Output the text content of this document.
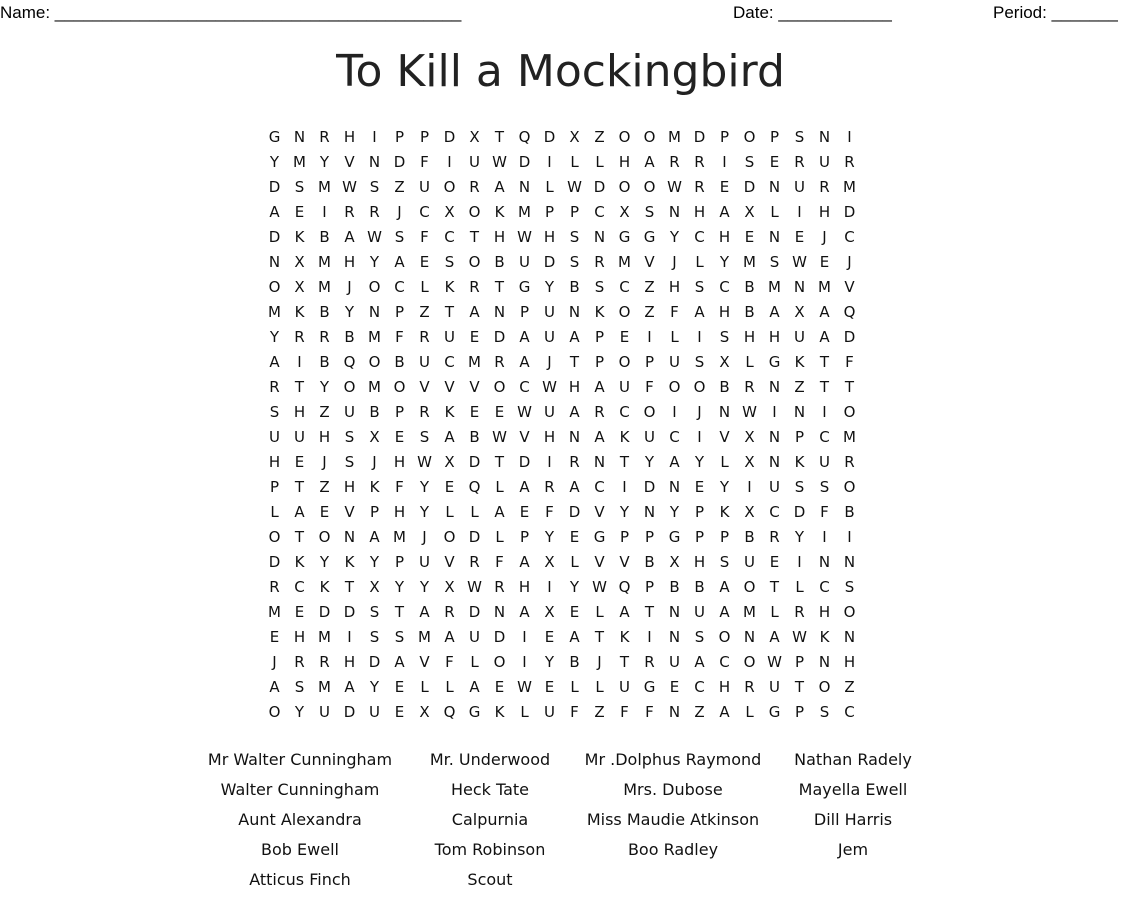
Name: ___________________________________________	Date: ____________	Period: _______
To Kill a Mockingbird
G N R H	I	P	P D X	T Q D X Z O O M D P O P	S N	I
Y M Y	V N D F	I	U W D	I	L	L	H A R R	I	S	E	R U R
D S M W S	Z U O R A N	L W D O O W R	E D N U R M
A	E	I	R R	J	C X O K M P	P	C X	S N H A X	L	I	H D
D K B A W S	F	C	T H W H S N G G Y	C H E N E	J	C
N X M H Y	A	E	S O B U D S	R M V	J	L	Y M S W E	J
O X M	J	O C	L	K R	T G Y	B	S C Z H S C B M N M V
M K B	Y N P	Z	T	A N P U N K O Z	F	A H B A X A Q
Y	R R B M F	R U E D A U A	P	E	I	L	I	S H H U A D
A	I	B Q O B U C M R A	J	T	P O P U S	X	L	G K	T	F
R	T	Y O M O V V V O C W H A U	F O O B R N Z	T	T
S H Z U B	P	R K	E	E W U A R C O	I	J	N W	I	N	I	O
U U H S	X	E	S	A B W V H N A K U C	I	V X N P	C M
H E	J	S	J	H W X D T D	I	R N T	Y	A	Y	L	X N K U R
P	T	Z H K	F	Y	E Q L	A R A C	I	D N E	Y	I	U S	S O
L	A	E	V	P H Y	L	L	A	E	F D V	Y N Y	P	K X C D F	B
O T O N A M	J	O D	L	P	Y	E G P	P G P	P	B R	Y	I	I
D K	Y	K	Y	P U V R	F	A X	L	V V B X H S U E	I	N N
R C K	T	X	Y	Y	X W R H	I	Y W Q P	B B A O T	L	C	S
M E D D S	T	A R D N A X	E	L	A	T N U A M L	R H O
E H M	I	S	S M A U D	I	E	A	T	K	I	N S O N A W K N
J	R R H D A V	F	L O	I	Y	B	J	T	R U A C O W P N H
A	S M A	Y	E	L	L	A	E W E	L	L	U G E	C H R U T O Z
O Y U D U E	X Q G K	L	U	F	Z	F	F	N Z A	L	G P	S C
Mr Walter Cunningham	Mr. Underwood	Mr .Dolphus Raymond	Nathan Radely
Walter Cunningham	Heck Tate	Mrs. Dubose	Mayella Ewell
Aunt Alexandra	Calpurnia	Miss Maudie Atkinson	Dill Harris
Bob Ewell	Tom Robinson	Boo Radley	Jem
Atticus Finch	Scout
